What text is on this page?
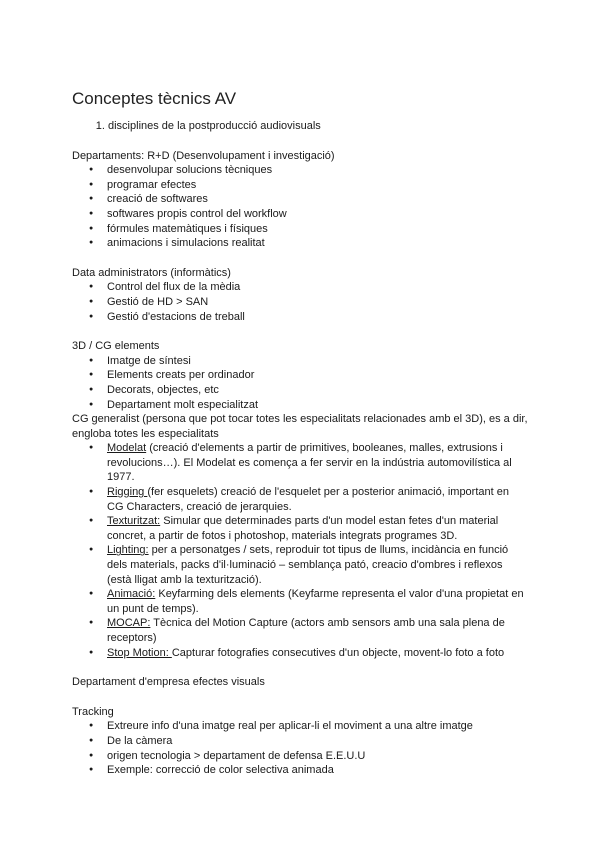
Conceptes tècnics AV
1. disciplines de la postproducció audiovisuals

Departaments: R+D (Desenvolupament i investigació)

● desenvolupar solucions tècniques
● programar efectes
● creació de softwares
● softwares propis control del workflow
● fórmules matemàtiques i físiques
● animacions i simulacions realitat

Data administrators (informàtics)

● Control del flux de la mèdia
● Gestió de HD > SAN
● Gestió d'estacions de treball

3D / CG elements

● Imatge de síntesi
● Elements creats per ordinador
● Decorats, objectes, etc
● Departament molt especialitzat

CG generalist (persona que pot tocar totes les especialitats relacionades amb el 3D), es a dir, engloba totes les especialitats

● Modelat (creació d'elements a partir de primitives, booleanes, malles, extrusions i revolucions…). El Modelat es comença a fer servir en la indústria automovilística al 1977.
● Rigging (fer esquelets) creació de l'esquelet per a posterior animació, important en CG Characters, creació de jerarquies.
● Texturitzat: Simular que determinades parts d'un model estan fetes d'un material concret, a partir de fotos i photoshop, materials integrats programes 3D.
● Lighting: per a personatges / sets, reproduir tot tipus de llums, incidància en funció dels materials, packs d'il·luminació – semblança pató, creacio d'ombres i reflexos (està lligat amb la texturització).
● Animació: Keyfarming dels elements (Keyfarme representa el valor d'una propietat en un punt de temps).
● MOCAP: Tècnica del Motion Capture (actors amb sensors amb una sala plena de receptors)
● Stop Motion: Capturar fotografies consecutives d'un objecte, movent-lo foto a foto

Departament d'empresa efectes visuals

Tracking

● Extreure info d'una imatge real per aplicar-li el moviment a una altre imatge
● De la càmera
● origen tecnologia > departament de defensa E.E.U.U
● Exemple: correcció de color selectiva animada
